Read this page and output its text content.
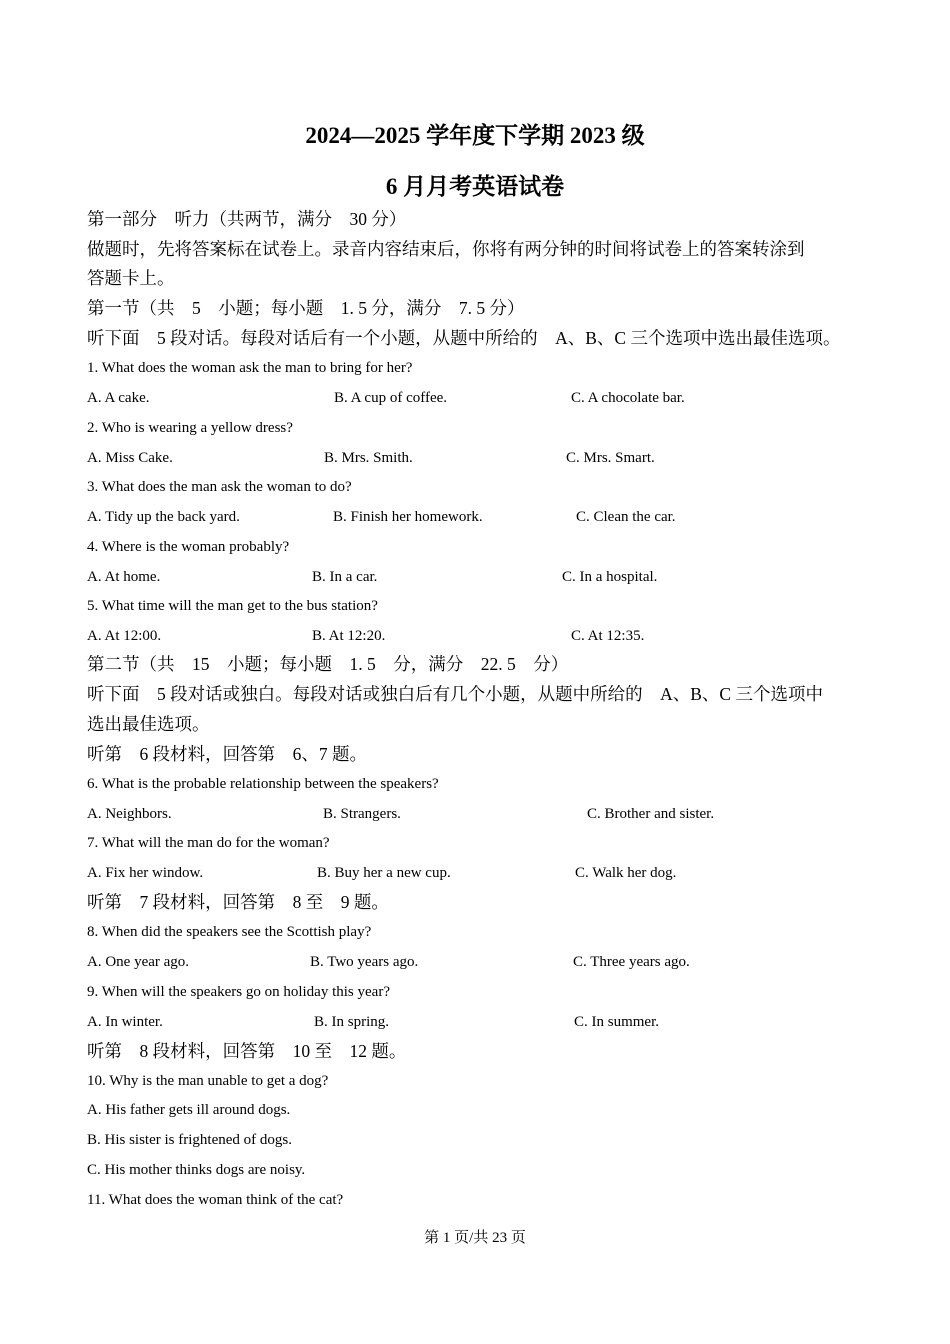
2024—2025 学年度下学期 2023 级
6 月月考英语试卷
第一部分　听力（共两节，满分　30 分）
做题时，先将答案标在试卷上。录音内容结束后，你将有两分钟的时间将试卷上的答案转涂到
答题卡上。
第一节（共　5　小题；每小题　1. 5 分，满分　7. 5 分）
听下面　5 段对话。每段对话后有一个小题，从题中所给的　A、B、C 三个选项中选出最佳选项。
1. What does the woman ask the man to bring for her?
A. A cake.	B. A cup of coffee.	C. A chocolate bar.
2. Who is wearing a yellow dress?
A. Miss Cake.	B. Mrs. Smith.	C. Mrs. Smart.
3. What does the man ask the woman to do?
A. Tidy up the back yard.	B. Finish her homework.	C. Clean the car.
4. Where is the woman probably?
A. At home.	B. In a car.	C. In a hospital.
5. What time will the man get to the bus station?
A. At 12:00.	B. At 12:20.	C. At 12:35.
第二节（共　15　小题；每小题　1. 5　分，满分　22. 5　分）
听下面　5 段对话或独白。每段对话或独白后有几个小题，从题中所给的　A、B、C 三个选项中
选出最佳选项。
听第　6 段材料，回答第　6、7 题。
6. What is the probable relationship between the speakers?
A. Neighbors.	B. Strangers.	C. Brother and sister.
7. What will the man do for the woman?
A. Fix her window.	B. Buy her a new cup.	C. Walk her dog.
听第　7 段材料，回答第　8 至　9 题。
8. When did the speakers see the Scottish play?
A. One year ago.	B. Two years ago.	C. Three years ago.
9. When will the speakers go on holiday this year?
A. In winter.	B. In spring.	C. In summer.
听第　8 段材料，回答第　10 至　12 题。
10. Why is the man unable to get a dog?
A. His father gets ill around dogs.
B. His sister is frightened of dogs.
C. His mother thinks dogs are noisy.
11. What does the woman think of the cat?
第 1 页/共 23 页
